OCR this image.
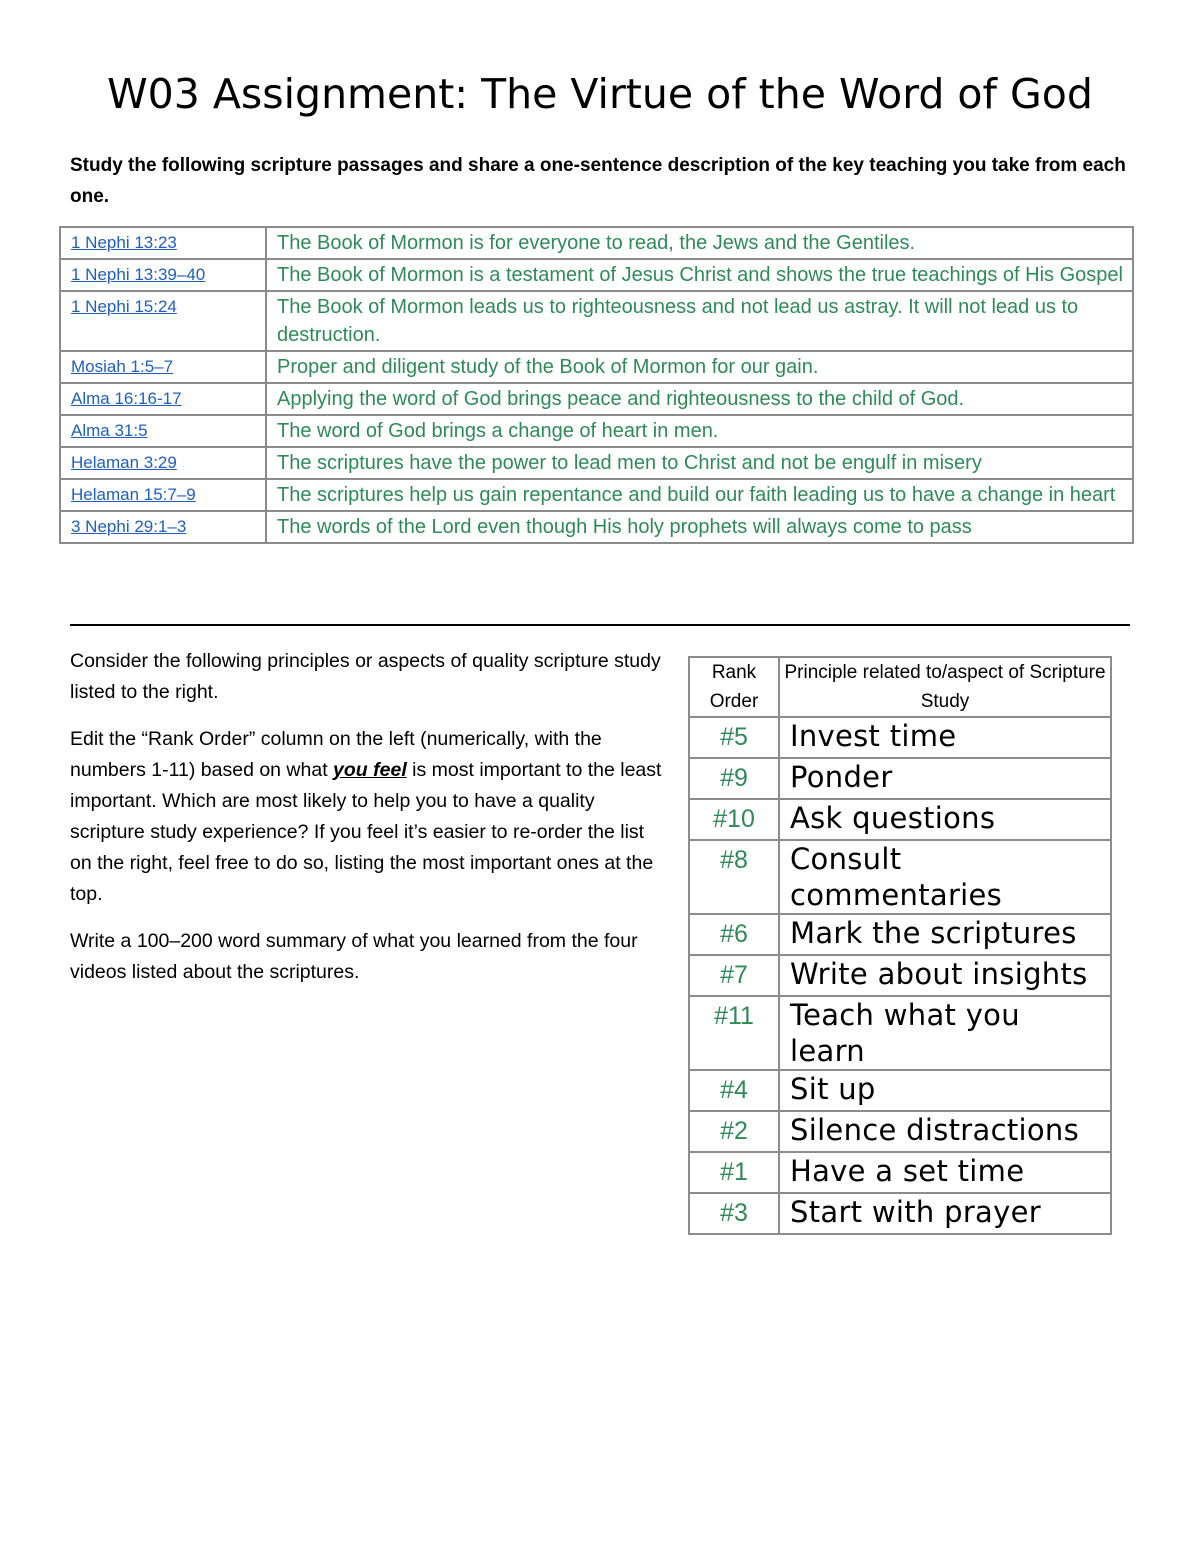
W03 Assignment: The Virtue of the Word of God

Study the following scripture passages and share a one-sentence description of the key teaching you take from each one.

1 Nephi 13:23	The Book of Mormon is for everyone to read, the Jews and the Gentiles.
1 Nephi 13:39–40	The Book of Mormon is a testament of Jesus Christ and shows the true teachings of His Gospel
1 Nephi 15:24	The Book of Mormon leads us to righteousness and not lead us astray. It will not lead us to destruction.
Mosiah 1:5–7	Proper and diligent study of the Book of Mormon for our gain.
Alma 16:16-17	Applying the word of God brings peace and righteousness to the child of God.
Alma 31:5	The word of God brings a change of heart in men.
Helaman 3:29	The scriptures have the power to lead men to Christ and not be engulf in misery
Helaman 15:7–9	The scriptures help us gain repentance and build our faith leading us to have a change in heart
3 Nephi 29:1–3	The words of the Lord even though His holy prophets will always come to pass

Consider the following principles or aspects of quality scripture study listed to the right.

Edit the “Rank Order” column on the left (numerically, with the numbers 1-11) based on what you feel is most important to the least important. Which are most likely to help you to have a quality scripture study experience? If you feel it’s easier to re-order the list on the right, feel free to do so, listing the most important ones at the top.

Write a 100–200 word summary of what you learned from the four videos listed about the scriptures.

Rank Order	Principle related to/aspect of Scripture Study
#5	Invest time
#9	Ponder
#10	Ask questions
#8	Consult commentaries
#6	Mark the scriptures
#7	Write about insights
#11	Teach what you learn
#4	Sit up
#2	Silence distractions
#1	Have a set time
#3	Start with prayer
